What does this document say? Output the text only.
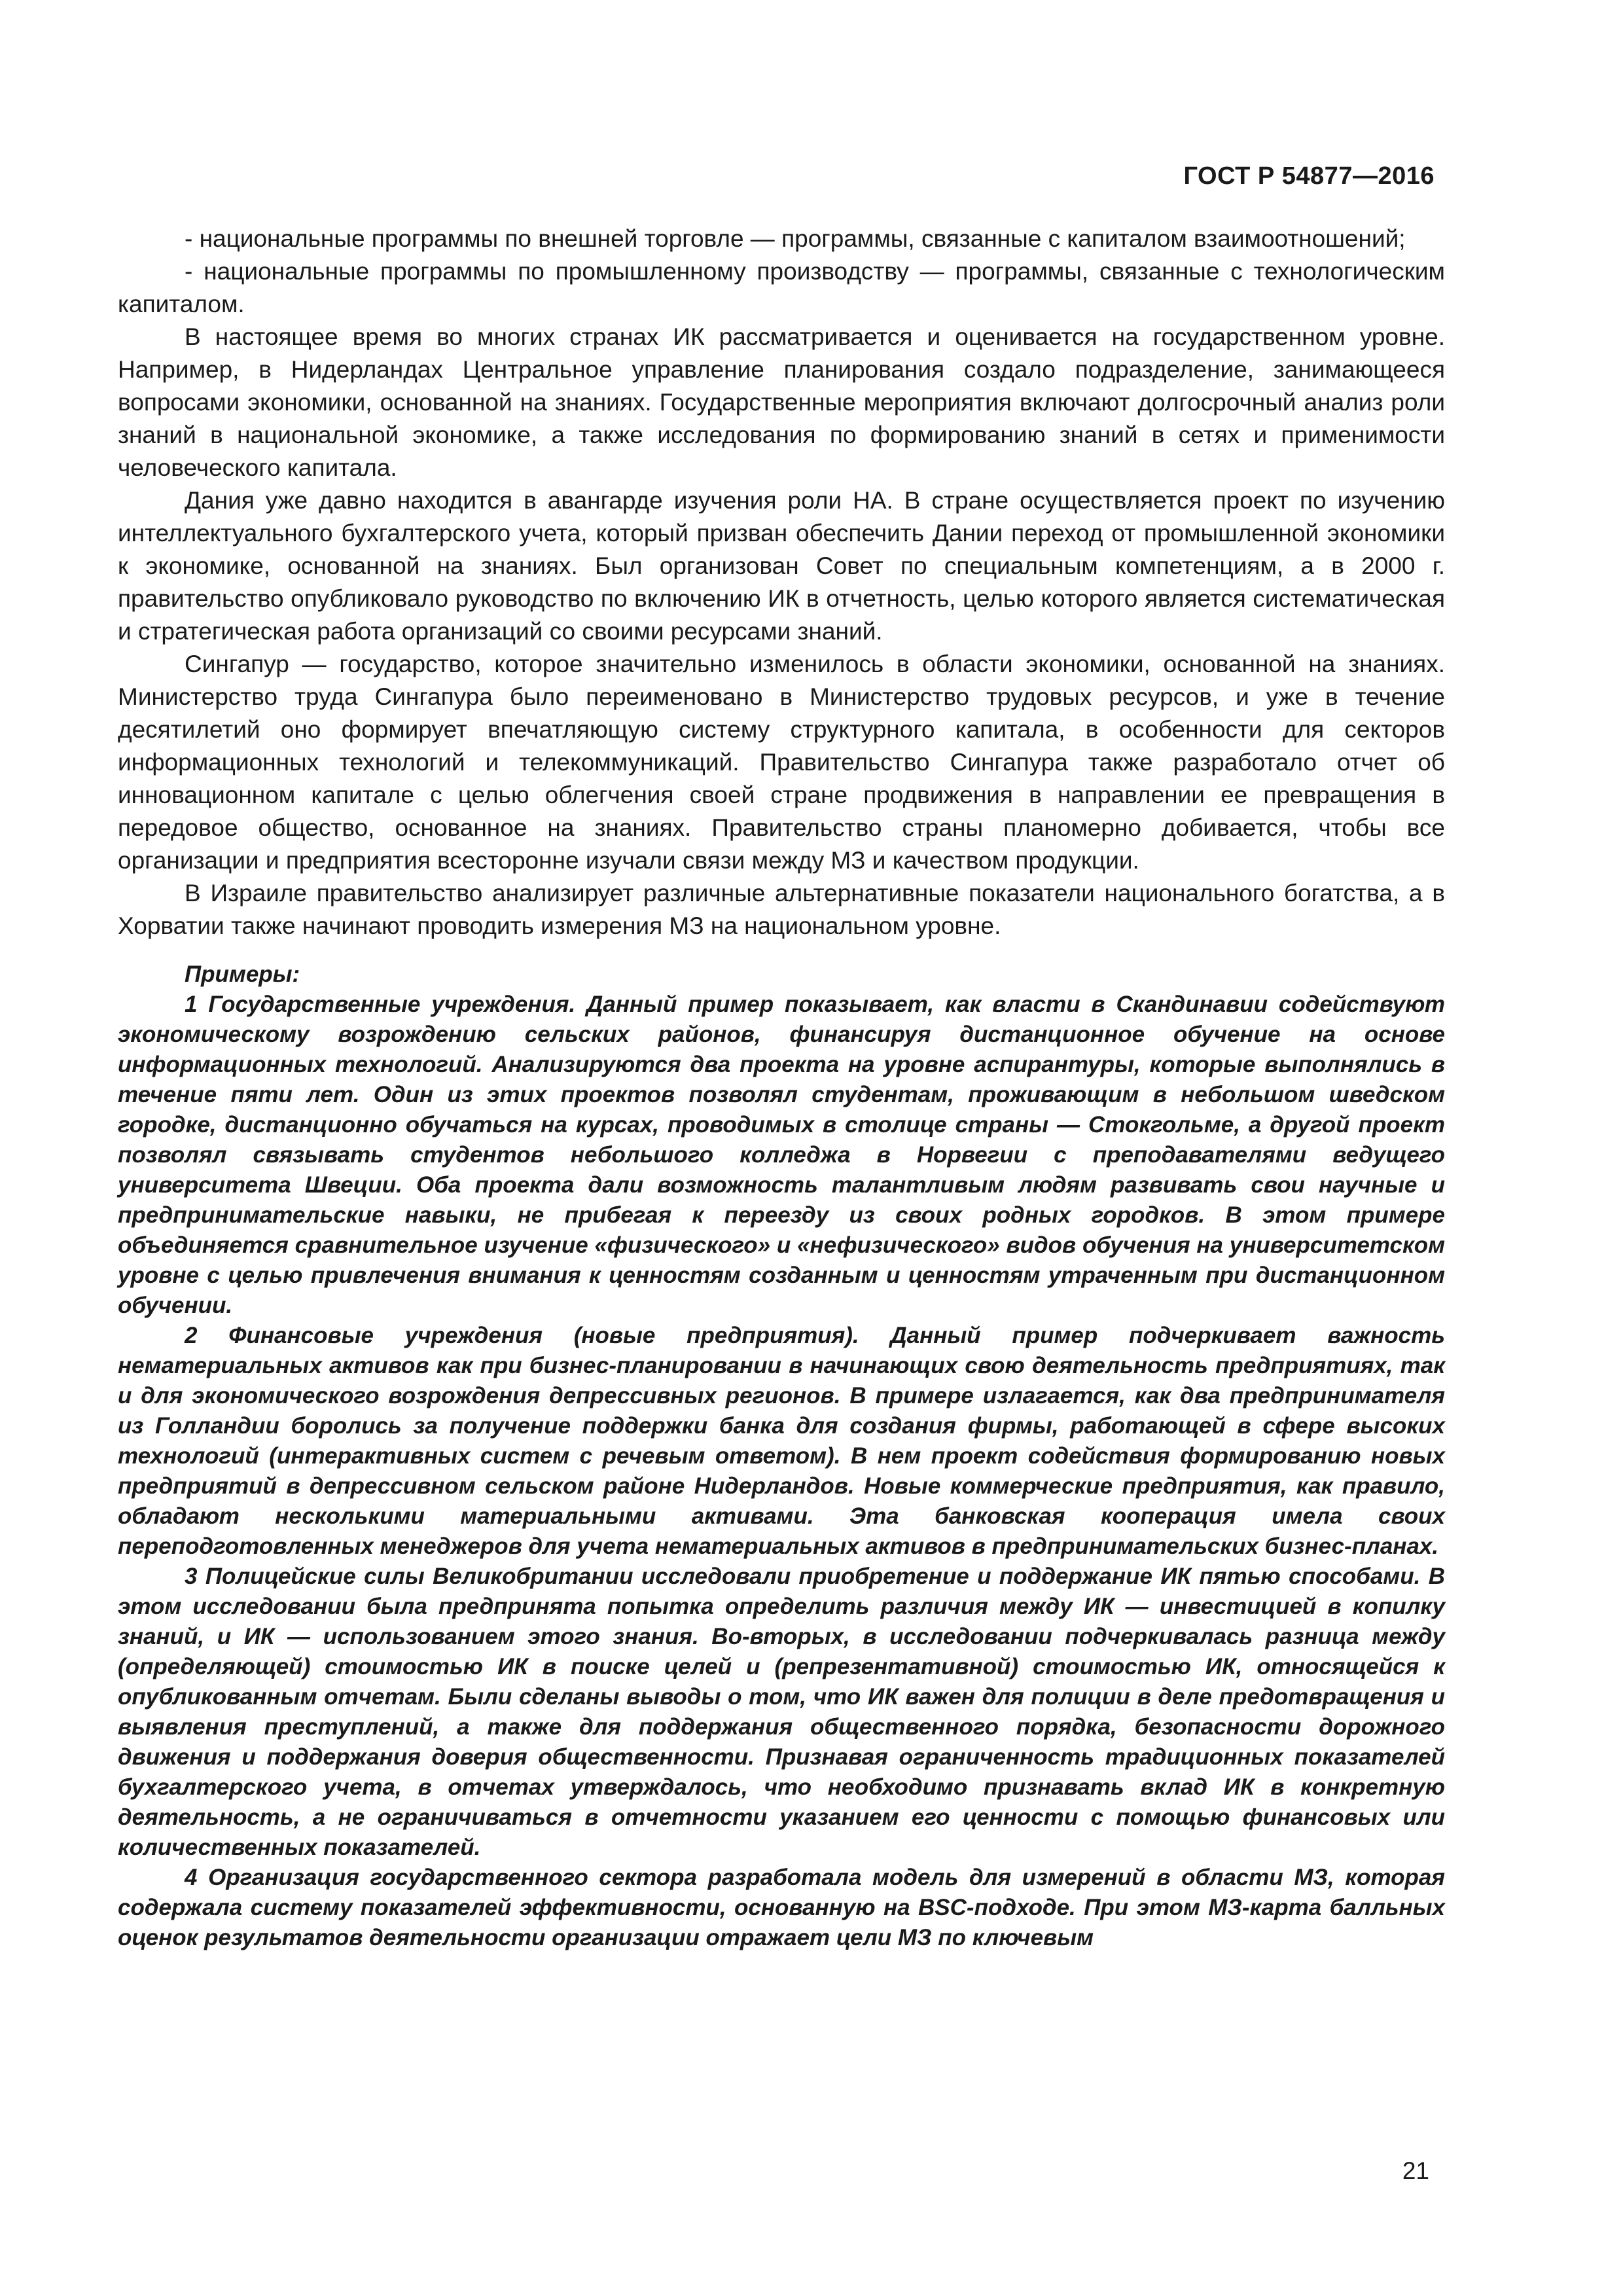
ГОСТ Р 54877—2016

- национальные программы по внешней торговле — программы, связанные с капиталом взаимоотношений;

- национальные программы по промышленному производству — программы, связанные с технологическим капиталом.

В настоящее время во многих странах ИК рассматривается и оценивается на государственном уровне. Например, в Нидерландах Центральное управление планирования создало подразделение, занимающееся вопросами экономики, основанной на знаниях. Государственные мероприятия включают долгосрочный анализ роли знаний в национальной экономике, а также исследования по формированию знаний в сетях и применимости человеческого капитала.

Дания уже давно находится в авангарде изучения роли НА. В стране осуществляется проект по изучению интеллектуального бухгалтерского учета, который призван обеспечить Дании переход от промышленной экономики к экономике, основанной на знаниях. Был организован Совет по специальным компетенциям, а в 2000 г. правительство опубликовало руководство по включению ИК в отчетность, целью которого является систематическая и стратегическая работа организаций со своими ресурсами знаний.

Сингапур — государство, которое значительно изменилось в области экономики, основанной на знаниях. Министерство труда Сингапура было переименовано в Министерство трудовых ресурсов, и уже в течение десятилетий оно формирует впечатляющую систему структурного капитала, в особенности для секторов информационных технологий и телекоммуникаций. Правительство Сингапура также разработало отчет об инновационном капитале с целью облегчения своей стране продвижения в направлении ее превращения в передовое общество, основанное на знаниях. Правительство страны планомерно добивается, чтобы все организации и предприятия всесторонне изучали связи между МЗ и качеством продукции.

В Израиле правительство анализирует различные альтернативные показатели национального богатства, а в Хорватии также начинают проводить измерения МЗ на национальном уровне.

Примеры:

1 Государственные учреждения. Данный пример показывает, как власти в Скандинавии содействуют экономическому возрождению сельских районов, финансируя дистанционное обучение на основе информационных технологий. Анализируются два проекта на уровне аспирантуры, которые выполнялись в течение пяти лет. Один из этих проектов позволял студентам, проживающим в небольшом шведском городке, дистанционно обучаться на курсах, проводимых в столице страны — Стокгольме, а другой проект позволял связывать студентов небольшого колледжа в Норвегии с преподавателями ведущего университета Швеции. Оба проекта дали возможность талантливым людям развивать свои научные и предпринимательские навыки, не прибегая к переезду из своих родных городков. В этом примере объединяется сравнительное изучение «физического» и «нефизического» видов обучения на университетском уровне с целью привлечения внимания к ценностям созданным и ценностям утраченным при дистанционном обучении.

2 Финансовые учреждения (новые предприятия). Данный пример подчеркивает важность нематериальных активов как при бизнес-планировании в начинающих свою деятельность предприятиях, так и для экономического возрождения депрессивных регионов. В примере излагается, как два предпринимателя из Голландии боролись за получение поддержки банка для создания фирмы, работающей в сфере высоких технологий (интерактивных систем с речевым ответом). В нем проект содействия формированию новых предприятий в депрессивном сельском районе Нидерландов. Новые коммерческие предприятия, как правило, обладают несколькими материальными активами. Эта банковская кооперация имела своих переподготовленных менеджеров для учета нематериальных активов в предпринимательских бизнес-планах.

3 Полицейские силы Великобритании исследовали приобретение и поддержание ИК пятью способами. В этом исследовании была предпринята попытка определить различия между ИК — инвестицией в копилку знаний, и ИК — использованием этого знания. Во-вторых, в исследовании подчеркивалась разница между (определяющей) стоимостью ИК в поиске целей и (репрезентативной) стоимостью ИК, относящейся к опубликованным отчетам. Были сделаны выводы о том, что ИК важен для полиции в деле предотвращения и выявления преступлений, а также для поддержания общественного порядка, безопасности дорожного движения и поддержания доверия общественности. Признавая ограниченность традиционных показателей бухгалтерского учета, в отчетах утверждалось, что необходимо признавать вклад ИК в конкретную деятельность, а не ограничиваться в отчетности указанием его ценности с помощью финансовых или количественных показателей.

4 Организация государственного сектора разработала модель для измерений в области МЗ, которая содержала систему показателей эффективности, основанную на BSC-подходе. При этом МЗ-карта балльных оценок результатов деятельности организации отражает цели МЗ по ключевым

21
